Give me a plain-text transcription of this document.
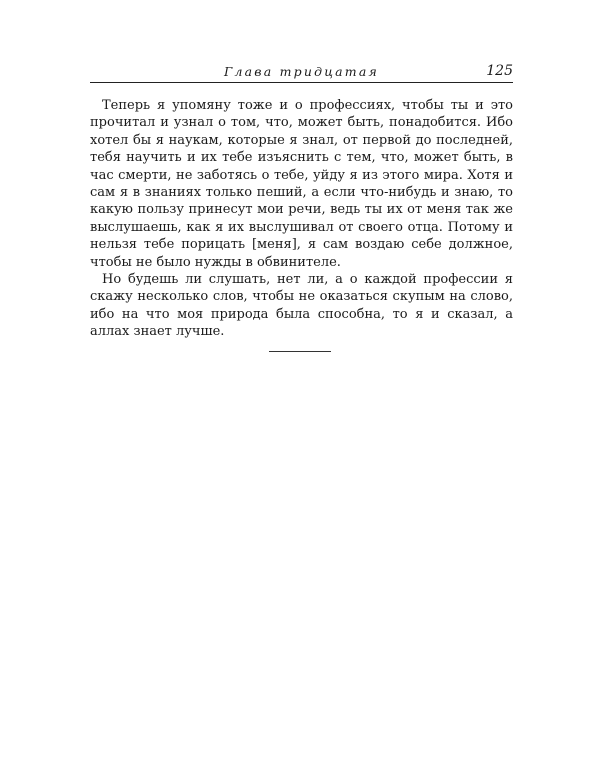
Глава тридцатая	125

Теперь я упомяну тоже и о профессиях, чтобы ты и это прочитал и узнал о том, что, может быть, понадобится. Ибо хотел бы я наукам, которые я знал, от первой до последней, тебя научить и их тебе изъяснить с тем, что, может быть, в час смерти, не заботясь о тебе, уйду я из этого мира. Хотя и сам я в знаниях только пеший, а если что-нибудь и знаю, то какую пользу принесут мои речи, ведь ты их от меня так же выслушаешь, как я их выслушивал от своего отца. Потому и нельзя тебе порицать [меня], я сам воздаю себе должное, чтобы не было нужды в обвинителе.

Но будешь ли слушать, нет ли, а о каждой профессии я скажу несколько слов, чтобы не оказаться скупым на слово, ибо на что моя природа была способна, то я и сказал, а аллах знает лучше.
